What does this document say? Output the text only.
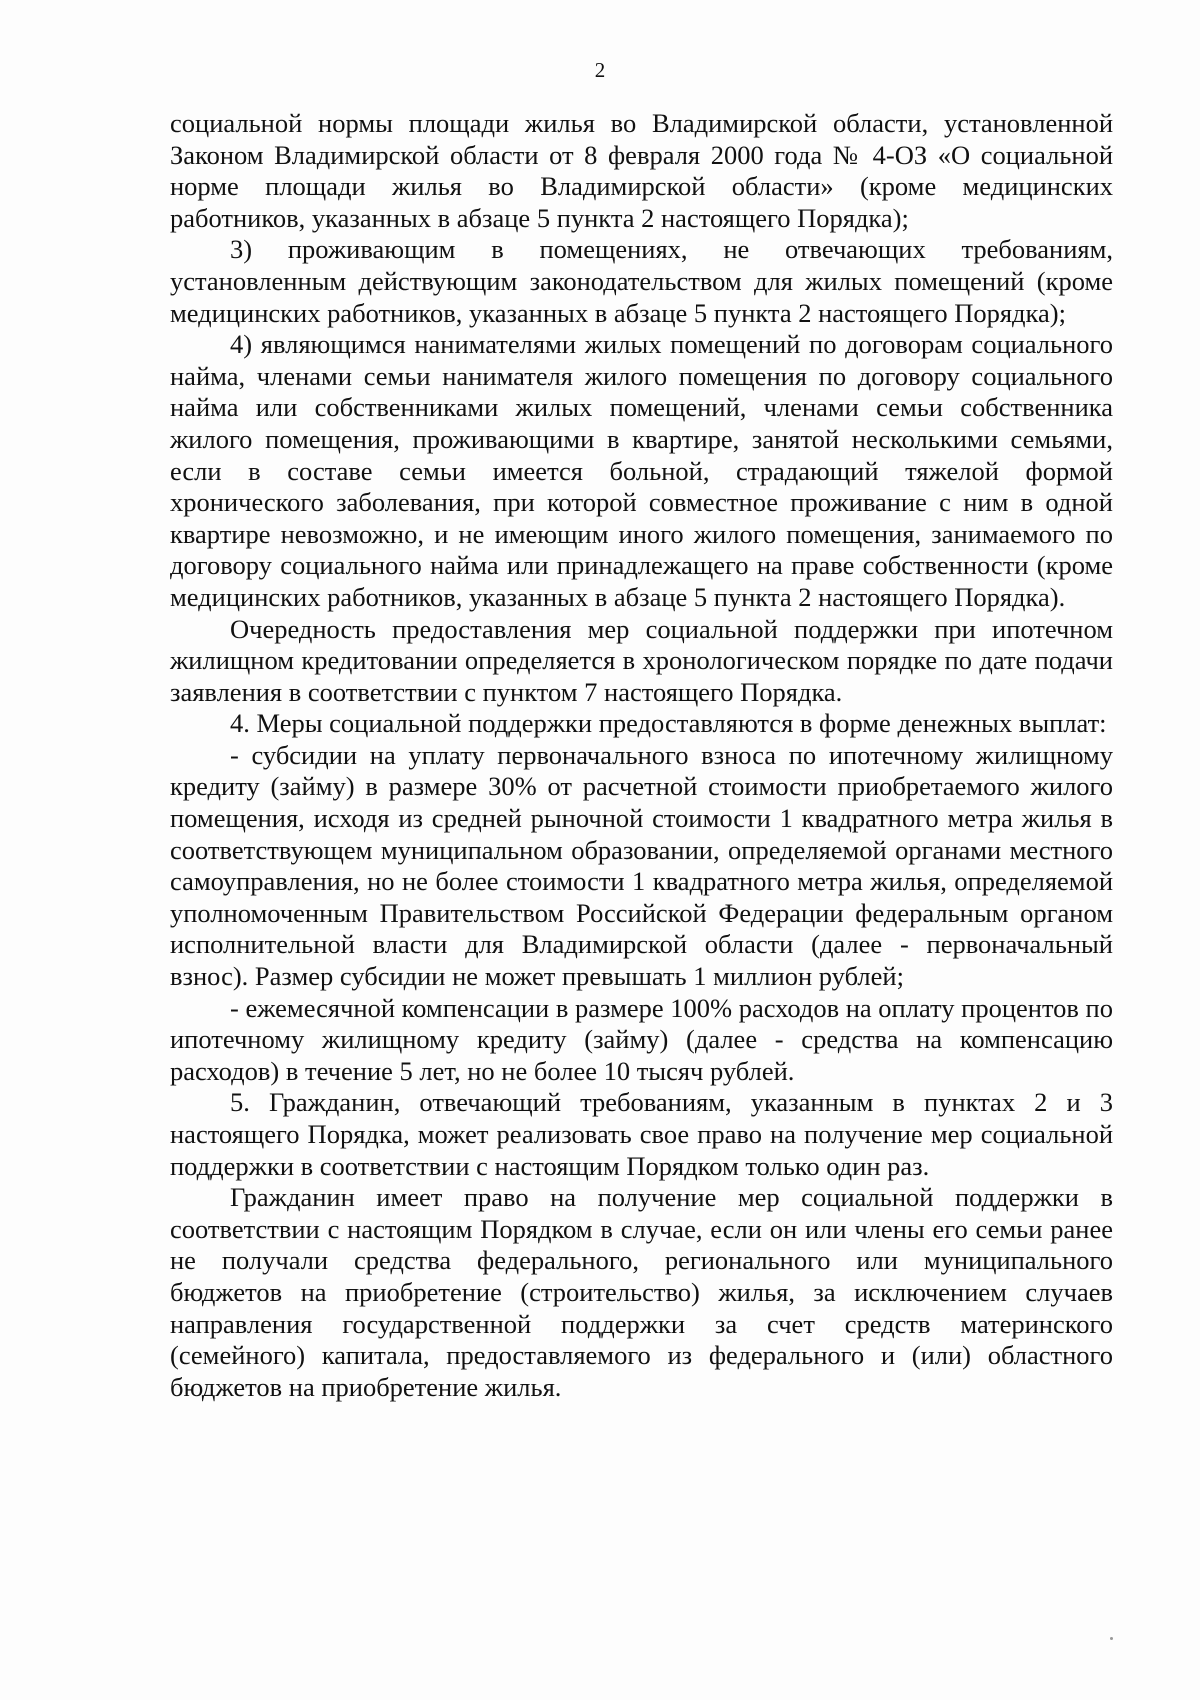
2

социальной нормы площади жилья во Владимирской области, установленной Законом Владимирской области от 8 февраля 2000 года № 4-ОЗ «О социальной норме площади жилья во Владимирской области» (кроме медицинских работников, указанных в абзаце 5 пункта 2 настоящего Порядка);

3) проживающим в помещениях, не отвечающих требованиям, установленным действующим законодательством для жилых помещений (кроме медицинских работников, указанных в абзаце 5 пункта 2 настоящего Порядка);

4) являющимся нанимателями жилых помещений по договорам социального найма, членами семьи нанимателя жилого помещения по договору социального найма или собственниками жилых помещений, членами семьи собственника жилого помещения, проживающими в квартире, занятой несколькими семьями, если в составе семьи имеется больной, страдающий тяжелой формой хронического заболевания, при которой совместное проживание с ним в одной квартире невозможно, и не имеющим иного жилого помещения, занимаемого по договору социального найма или принадлежащего на праве собственности (кроме медицинских работников, указанных в абзаце 5 пункта 2 настоящего Порядка).

Очередность предоставления мер социальной поддержки при ипотечном жилищном кредитовании определяется в хронологическом порядке по дате подачи заявления в соответствии с пунктом 7 настоящего Порядка.

4. Меры социальной поддержки предоставляются в форме денежных выплат:

- субсидии на уплату первоначального взноса по ипотечному жилищному кредиту (займу) в размере 30% от расчетной стоимости приобретаемого жилого помещения, исходя из средней рыночной стоимости 1 квадратного метра жилья в соответствующем муниципальном образовании, определяемой органами местного самоуправления, но не более стоимости 1 квадратного метра жилья, определяемой уполномоченным Правительством Российской Федерации федеральным органом исполнительной власти для Владимирской области (далее - первоначальный взнос). Размер субсидии не может превышать 1 миллион рублей;

- ежемесячной компенсации в размере 100% расходов на оплату процентов по ипотечному жилищному кредиту (займу) (далее - средства на компенсацию расходов) в течение 5 лет, но не более 10 тысяч рублей.

5. Гражданин, отвечающий требованиям, указанным в пунктах 2 и 3 настоящего Порядка, может реализовать свое право на получение мер социальной поддержки в соответствии с настоящим Порядком только один раз.

Гражданин имеет право на получение мер социальной поддержки в соответствии с настоящим Порядком в случае, если он или члены его семьи ранее не получали средства федерального, регионального или муниципального бюджетов на приобретение (строительство) жилья, за исключением случаев направления государственной поддержки за счет средств материнского (семейного) капитала, предоставляемого из федерального и (или) областного бюджетов на приобретение жилья.
